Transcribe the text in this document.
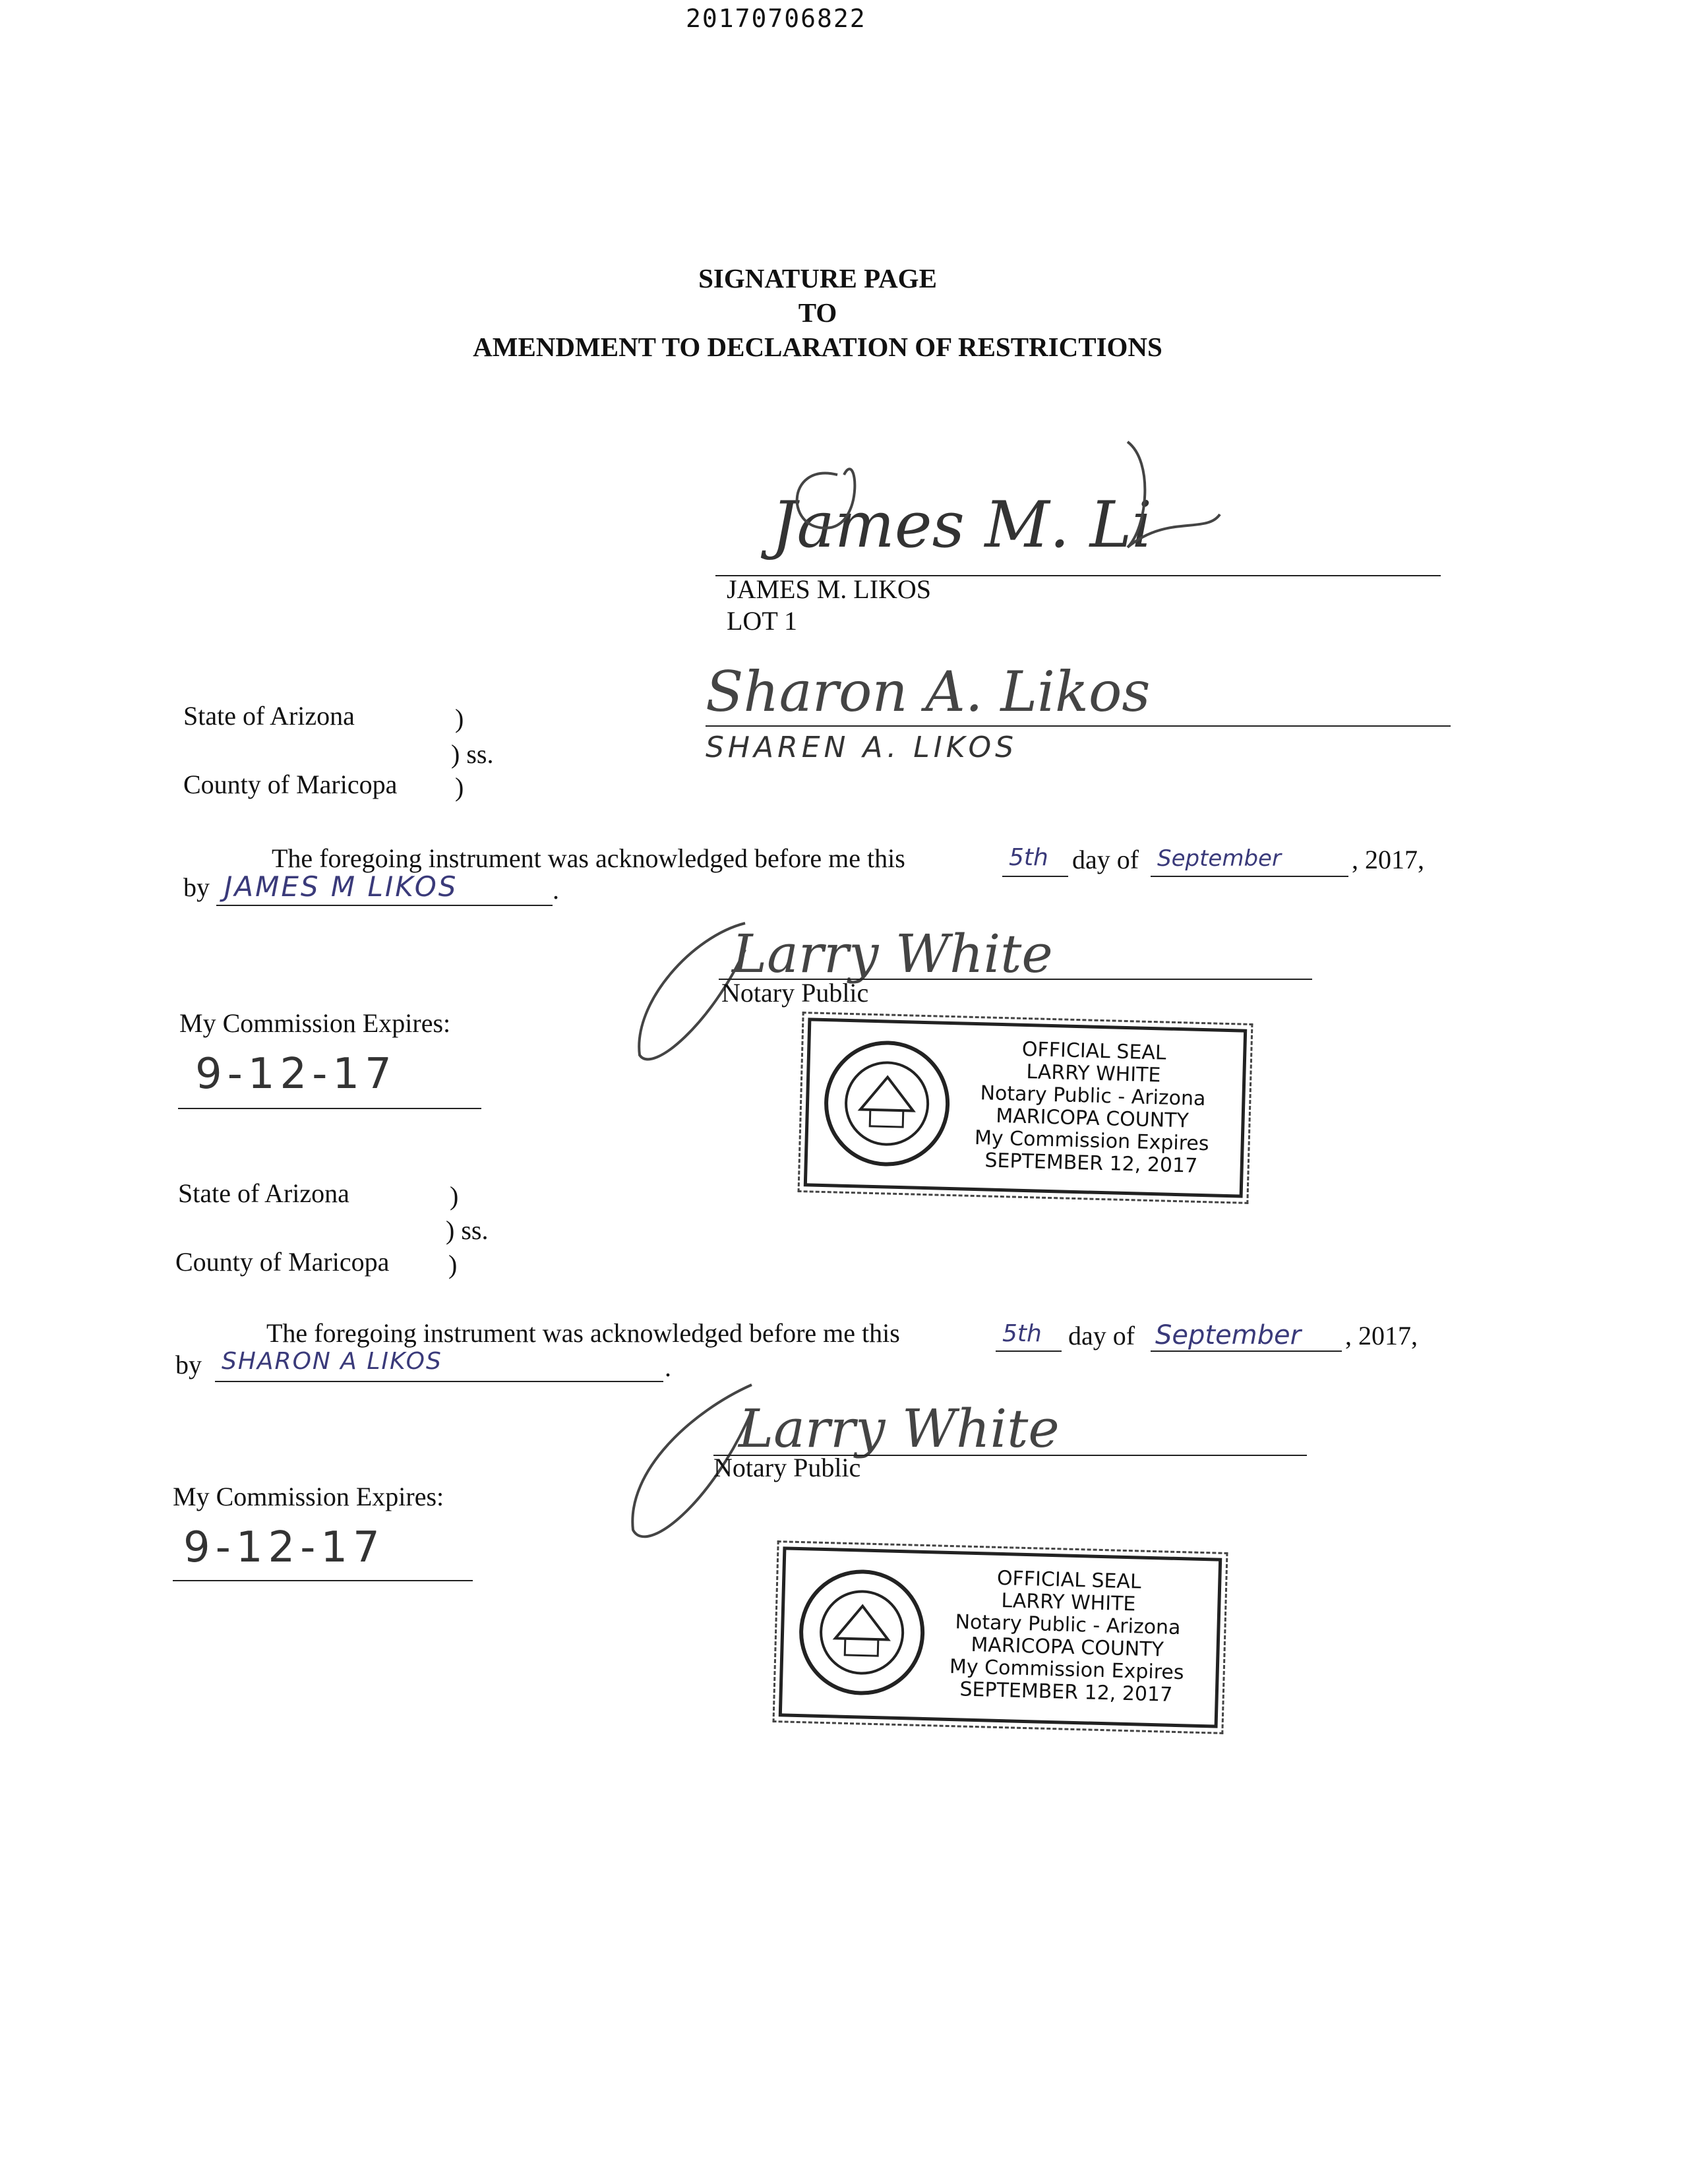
20170706822
SIGNATURE PAGE
TO
AMENDMENT TO DECLARATION OF RESTRICTIONS
James M. Li
JAMES M. LIKOS
LOT 1
Sharon A. Likos
SHAREN A. LIKOS
State of Arizona	)
) ss.
County of Maricopa )
The foregoing instrument was acknowledged before me this	5th day of September	, 2017,
by JAMES M LIKOS	.
Larry White
Notary Public
My Commission Expires:
9-12-17	OFFICIAL SEAL
LARRY WHITE
Notary Public - Arizona
MARICOPA COUNTY
My Commission Expires
SEPTEMBER 12, 2017
State of Arizona	)
) ss.
County of Maricopa )
The foregoing instrument was acknowledged before me this	5th day of September , 2017,
by SHARON A LIKOS	.
Larry White
Notary Public
My Commission Expires:
9-12-17
OFFICIAL SEAL
LARRY WHITE
Notary Public - Arizona
MARICOPA COUNTY
My Commission Expires
SEPTEMBER 12, 2017
